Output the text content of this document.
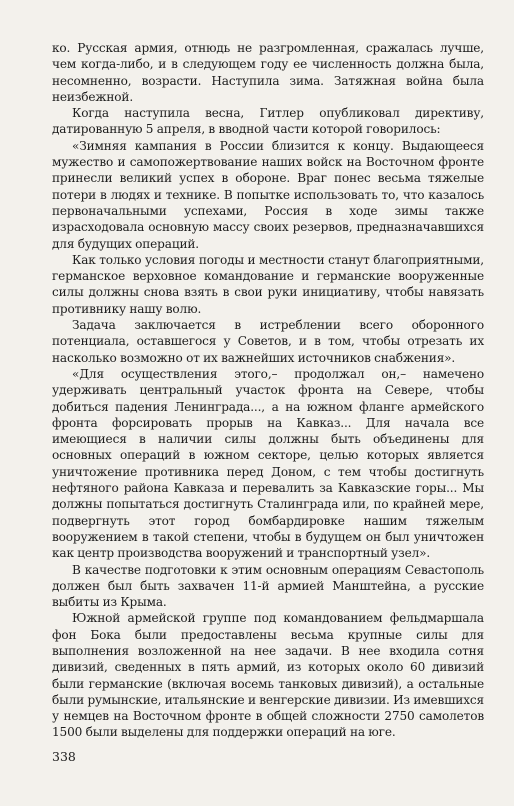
ко. Русская армия, отнюдь не разгромленная, сражалась лучше, чем когда-либо, и в следующем году ее численность должна была, несомненно, возрасти. Наступила зима. Затяжная война была неизбежной.

Когда наступила весна, Гитлер опубликовал директиву, датированную 5 апреля, в вводной части которой говорилось:

«Зимняя кампания в России близится к концу. Выдающееся мужество и самопожертвование наших войск на Восточном фронте принесли великий успех в обороне. Враг понес весьма тяжелые потери в людях и технике. В попытке использовать то, что казалось первоначальными успехами, Россия в ходе зимы также израсходовала основную массу своих резервов, предназначавшихся для будущих операций.

Как только условия погоды и местности станут благоприятными, германское верховное командование и германские вооруженные силы должны снова взять в свои руки инициативу, чтобы навязать противнику нашу волю.

Задача заключается в истреблении всего оборонного потенциала, оставшегося у Советов, и в том, чтобы отрезать их насколько возможно от их важнейших источников снабжения».

«Для осуществления этого,– продолжал он,– намечено удерживать центральный участок фронта на Севере, чтобы добиться падения Ленинграда..., а на южном фланге армейского фронта форсировать прорыв на Кавказ... Для начала все имеющиеся в наличии силы должны быть объединены для основных операций в южном секторе, целью которых является уничтожение противника перед Доном, с тем чтобы достигнуть нефтяного района Кавказа и перевалить за Кавказские горы... Мы должны попытаться достигнуть Сталинграда или, по крайней мере, подвергнуть этот город бомбардировке нашим тяжелым вооружением в такой степени, чтобы в будущем он был уничтожен как центр производства вооружений и транспортный узел».

В качестве подготовки к этим основным операциям Севастополь должен был быть захвачен 11-й армией Манштейна, а русские выбиты из Крыма.

Южной армейской группе под командованием фельдмаршала фон Бока были предоставлены весьма крупные силы для выполнения возложенной на нее задачи. В нее входила сотня дивизий, сведенных в пять армий, из которых около 60 дивизий были германские (включая восемь танковых дивизий), а остальные были румынские, итальянские и венгерские дивизии. Из имевшихся у немцев на Восточном фронте в общей сложности 2750 самолетов 1500 были выделены для поддержки операций на юге.

338
